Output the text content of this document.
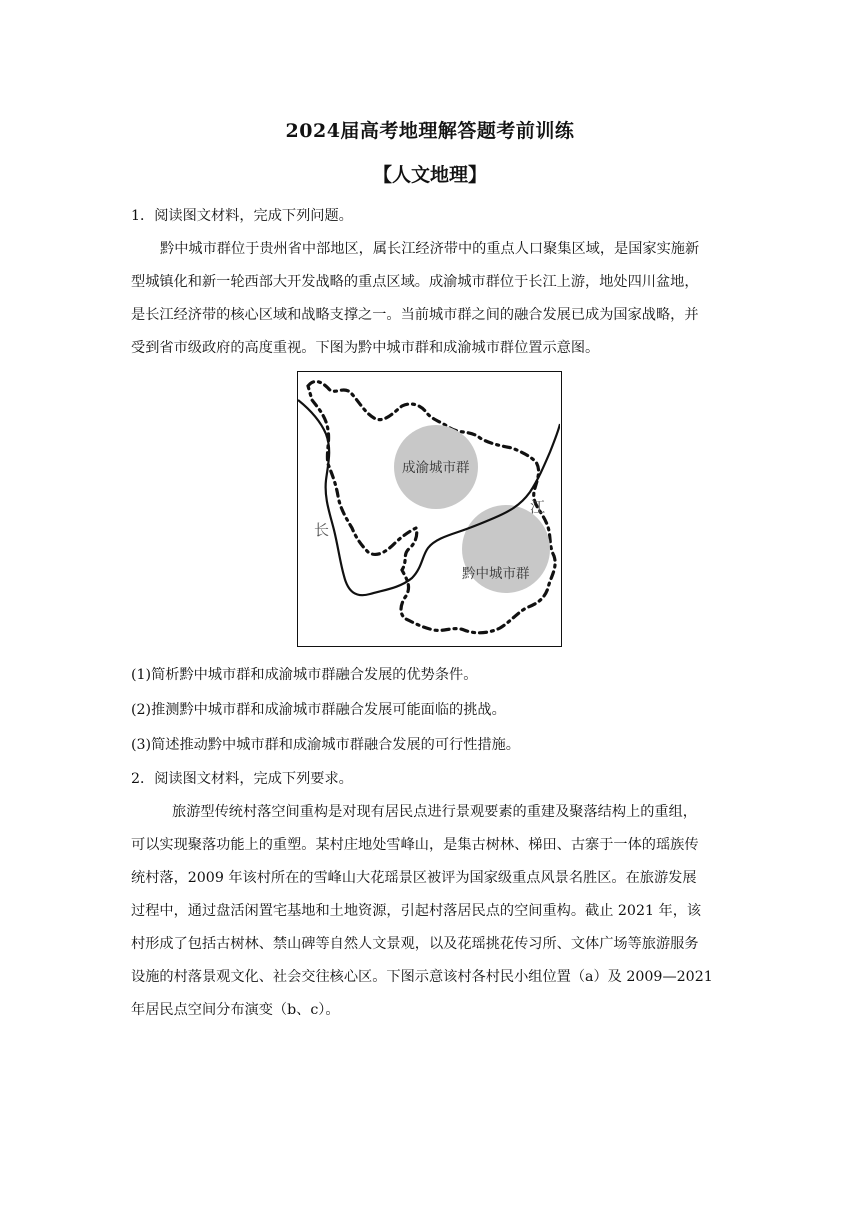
2024届高考地理解答题考前训练
【人文地理】
1．阅读图文材料，完成下列问题。
黔中城市群位于贵州省中部地区，属长江经济带中的重点人口聚集区域，是国家实施新
型城镇化和新一轮西部大开发战略的重点区域。成渝城市群位于长江上游，地处四川盆地，
是长江经济带的核心区域和战略支撑之一。当前城市群之间的融合发展已成为国家战略，并
受到省市级政府的高度重视。下图为黔中城市群和成渝城市群位置示意图。
成渝城市群
黔中城市群
长
江
(1)简析黔中城市群和成渝城市群融合发展的优势条件。
(2)推测黔中城市群和成渝城市群融合发展可能面临的挑战。
(3)简述推动黔中城市群和成渝城市群融合发展的可行性措施。
2．阅读图文材料，完成下列要求。
旅游型传统村落空间重构是对现有居民点进行景观要素的重建及聚落结构上的重组，
可以实现聚落功能上的重塑。某村庄地处雪峰山，是集古树林、梯田、古寨于一体的瑶族传
统村落，2009 年该村所在的雪峰山大花瑶景区被评为国家级重点风景名胜区。在旅游发展
过程中，通过盘活闲置宅基地和土地资源，引起村落居民点的空间重构。截止 2021 年，该
村形成了包括古树林、禁山碑等自然人文景观，以及花瑶挑花传习所、文体广场等旅游服务
设施的村落景观文化、社会交往核心区。下图示意该村各村民小组位置（a）及 2009—2021
年居民点空间分布演变（b、c）。
